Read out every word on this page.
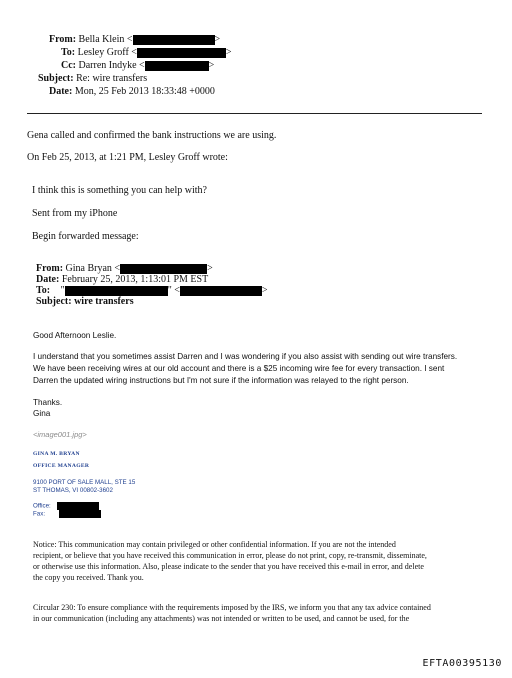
From: Bella Klein <	>
To: Lesley Groff <	>
Cc: Darren Indyke <	>
Subject: Re: wire transfers
Date: Mon, 25 Feb 2013 18:33:48 +0000
Gena called and confirmed the bank instructions we are using.
On Feb 25, 2013, at 1:21 PM, Lesley Groff wrote:
I think this is something you can help with?
Sent from my iPhone
Begin forwarded message:
From: Gina Bryan <	>
Date: February 25, 2013, 1:13:01 PM EST
To: "	" <	>
Subject: wire transfers
Good Afternoon Leslie.
I understand that you sometimes assist Darren and I was wondering if you also assist with sending out wire transfers.
We have been receiving wires at our old account and there is a $25 incoming wire fee for every transaction. I sent
Darren the updated wiring instructions but I'm not sure if the information was relayed to the right person.
Thanks.
Gina
<image001.jpg>
GINA M. BRYAN
OFFICE MANAGER
9100 PORT OF SALE MALL, STE 15
ST THOMAS, VI 00802-3602
Office:
Fax:
Notice: This communication may contain privileged or other confidential information. If you are not the intended
recipient, or believe that you have received this communication in error, please do not print, copy, re-transmit, disseminate,
or otherwise use this information. Also, please indicate to the sender that you have received this e-mail in error, and delete
the copy you received. Thank you.
Circular 230: To ensure compliance with the requirements imposed by the IRS, we inform you that any tax advice contained
in our communication (including any attachments) was not intended or written to be used, and cannot be used, for the
EFTA00395130
